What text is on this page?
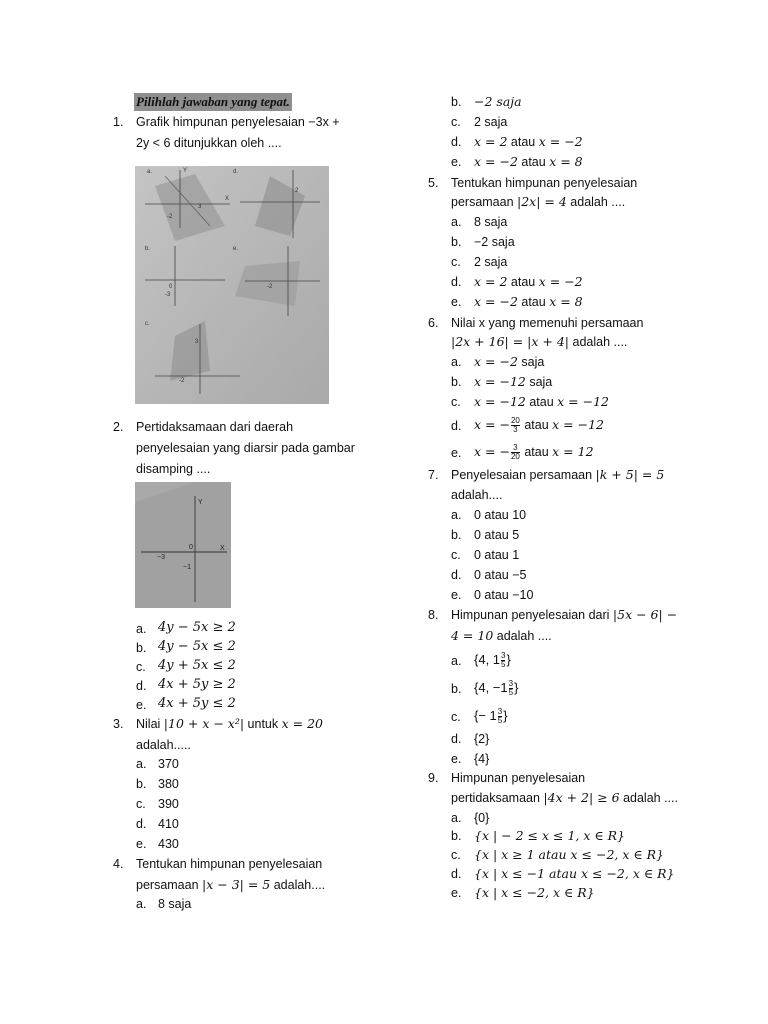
Pilihlah jawaban yang tepat.
1. Grafik himpunan penyelesaian −3x +
2y < 6 ditunjukkan oleh ....
a.	d.
b.	e.
c.
Y
X
3
-2
2
-2
0
-3
3
-2
2. Pertidaksamaan dari daerah
penyelesaian yang diarsir pada gambar
disamping ....
Y
X
0
−3
−1
a. 4y − 5x ≥ 2
b. 4y − 5x ≤ 2
c. 4y + 5x ≤ 2
d. 4x + 5y ≥ 2
e. 4x + 5y ≤ 2
3. Nilai |10 + x − x²| untuk x = 20
adalah.....
a. 370
b. 380
c. 390
d. 410
e. 430
4. Tentukan himpunan penyelesaian
persamaan |x − 3| = 5 adalah....
a. 8 saja
b. −2 saja
c. 2 saja
d. x = 2 atau x = −2
e. x = −2 atau x = 8
5. Tentukan himpunan penyelesaian
persamaan |2x| = 4 adalah ....
a. 8 saja
b. −2 saja
c. 2 saja
d. x = 2 atau x = −2
e. x = −2 atau x = 8
6. Nilai x yang memenuhi persamaan
|2x + 16| = |x + 4| adalah ....
a. x = −2 saja
b. x = −12 saja
c. x = −12 atau x = −12
d. x = − $\frac{20}{3}$ atau x = −12
e. x = − $\frac{3}{20}$ atau x = 12
7. Penyelesaian persamaan |k + 5| = 5
adalah....
a. 0 atau 10
b. 0 atau 5
c. 0 atau 1
d. 0 atau −5
e. 0 atau −10
8. Himpunan penyelesaian dari |5x − 6| −
4 = 10 adalah ....
a. {4, $1 \frac{3}{5}$ }
b. {4, $-1 \frac{3}{5}$ }
c. {− $1 \frac{3}{5}$ }
d. {2}
e. {4}
9. Himpunan penyelesaian
pertidaksamaan |4x + 2| ≥ 6 adalah ....
a. {0}
b. {x | − 2 ≤ x ≤ 1, x ∈ R}
c. {x | x ≥ 1 atau x ≤ −2, x ∈ R}
d. {x | x ≤ −1 atau x ≤ −2, x ∈ R}
e. {x | x ≤ −2, x ∈ R}
